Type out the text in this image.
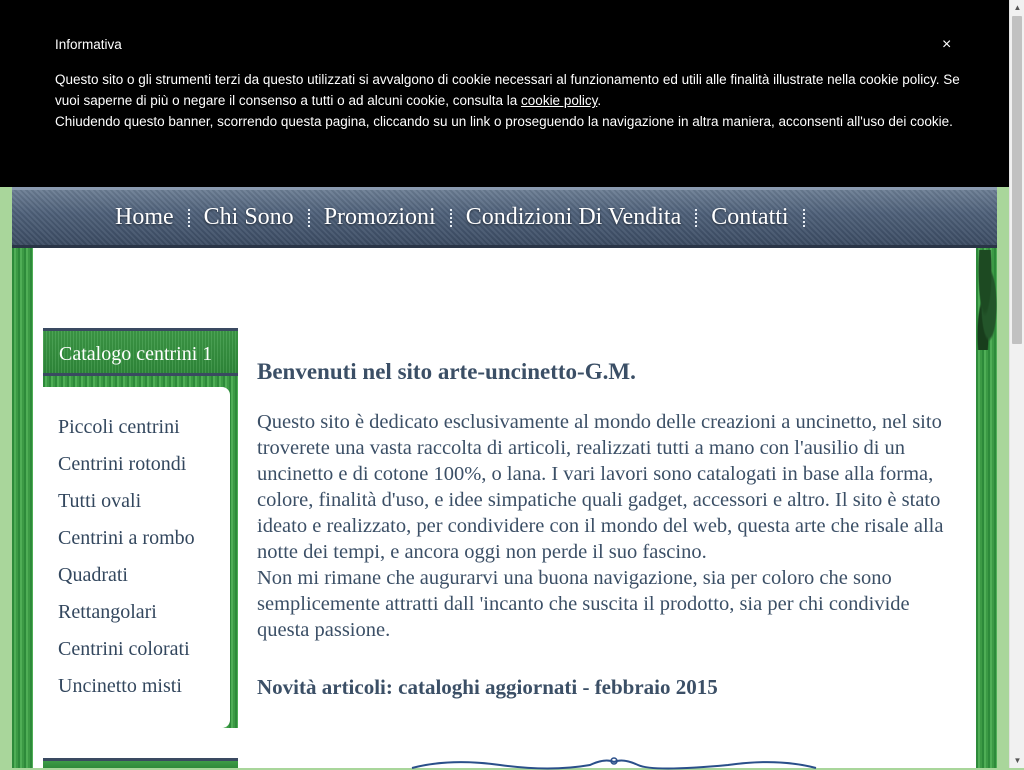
Home	Chi Sono	Promozioni	Condizioni Di Vendita	Contatti
Catalogo centrini 1
Piccoli centrini
Centrini rotondi
Tutti ovali
Centrini a rombo
Quadrati
Rettangolari
Centrini colorati
Uncinetto misti
Benvenuti nel sito arte-uncinetto-G.M.

Questo sito è dedicato esclusivamente al mondo delle creazioni a uncinetto, nel sito troverete una vasta raccolta di articoli, realizzati tutti a mano con l'ausilio di un uncinetto e di cotone 100%, o lana. I vari lavori sono catalogati in base alla forma, colore, finalità d'uso, e idee simpatiche quali gadget, accessori e altro. Il sito è stato ideato e realizzato, per condividere con il mondo del web, questa arte che risale alla notte dei tempi, e ancora oggi non perde il suo fascino.
Non mi rimane che augurarvi una buona navigazione, sia per coloro che sono semplicemente attratti dall 'incanto che suscita il prodotto, sia per chi condivide questa passione.

Novità articoli: cataloghi aggiornati - febbraio 2015

Informativa	×
Questo sito o gli strumenti terzi da questo utilizzati si avvalgono di cookie necessari al funzionamento ed utili alle finalità illustrate nella cookie policy. Se vuoi saperne di più o negare il consenso a tutti o ad alcuni cookie, consulta la cookie policy.
Chiudendo questo banner, scorrendo questa pagina, cliccando su un link o proseguendo la navigazione in altra maniera, acconsenti all'uso dei cookie.
▲
▼
